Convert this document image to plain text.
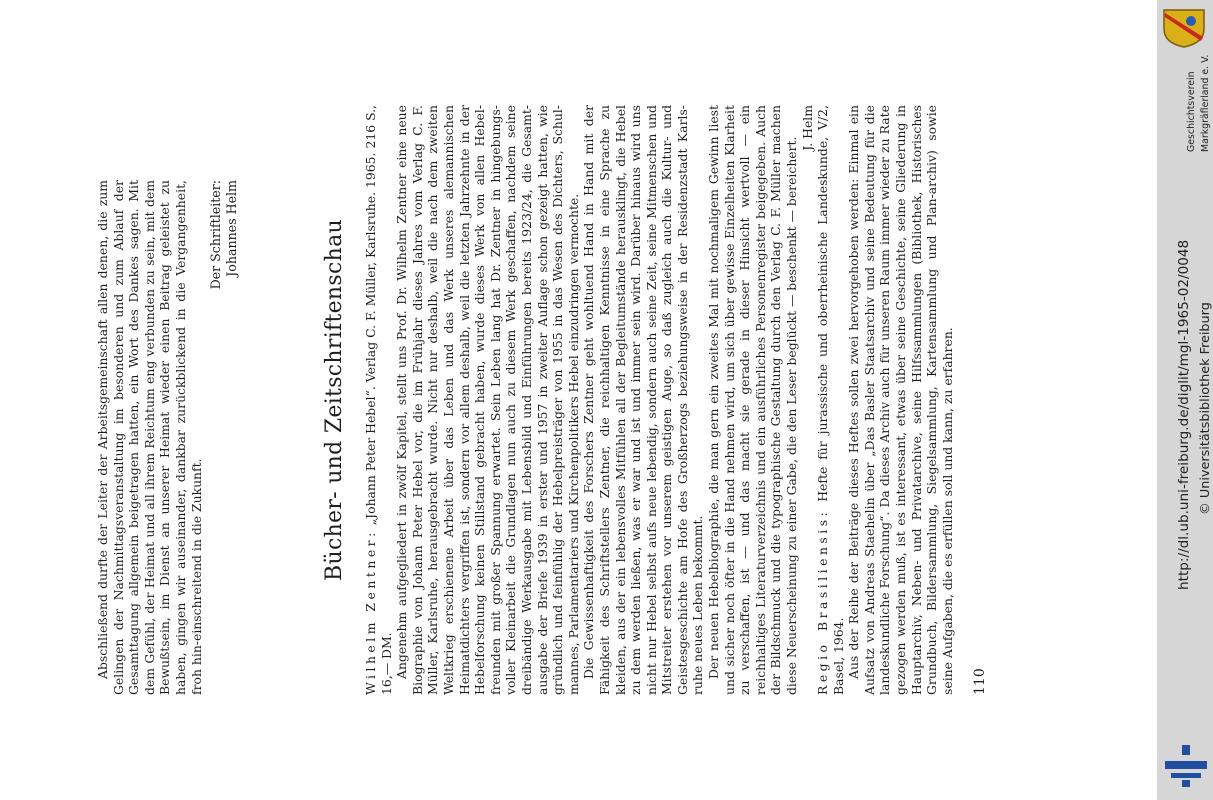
Abschließend durfte der Leiter der Arbeitsgemeinschaft allen denen, die zum Gelingen der Nachmittagsveranstaltung im besonderen und zum Ablauf der Gesamttagung allgemein beigetragen hatten, ein Wort des Dankes sagen. Mit dem Gefühl, der Heimat und all ihrem Reichtum eng verbunden zu sein, mit dem Bewußtsein, im Dienst an unserer Heimat wieder einen Beitrag geleistet zu haben, gingen wir auseinander, dankbar zurückblickend in die Vergangenheit, froh hin-einschreitend in die Zukunft.

Der Schriftleiter: Johannes Helm	Bücher- und Zeitschriftenschau

Wilhelm Zentner: „Johann Peter Hebel“. Verlag C. F. Müller, Karlsruhe. 1965. 216 S., 16,— DM. Angenehm aufgegliedert in zwölf Kapitel, stellt uns Prof. Dr. Wilhelm Zentner eine neue Biographie von Johann Peter Hebel vor, die im Frühjahr dieses Jahres vom Verlag C. F. Müller, Karlsruhe, herausgebracht wurde. Nicht nur deshalb, weil die nach dem zweiten Weltkrieg erschienene Arbeit über das Leben und das Werk unseres alemannischen Heimatdichters vergriffen ist, sondern vor allem deshalb, weil die letzten Jahrzehnte in der Hebelforschung keinen Stillstand gebracht haben, wurde dieses Werk von allen Hebel-freunden mit großer Spannung erwartet. Sein Leben lang hat Dr. Zentner in hingebungs-voller Kleinarbeit die Grundlagen nun auch zu diesem Werk geschaffen, nachdem seine dreibändige Werkausgabe mit Lebensbild und Einführungen bereits 1923/24, die Gesamt-ausgabe der Briefe 1939 in erster und 1957 in zweiter Auflage schon gezeigt hatten, wie gründlich und feinfühlig der Hebelpreisträger von 1955 in das Wesen des Dichters, Schul-mannes, Parlamentariers und Kirchenpolitikers Hebel einzudringen vermochte. Die Gewissenhaftigkeit des Forschers Zentner geht wohltuend Hand in Hand mit der Fähigkeit des Schriftstellers Zentner, die reichhaltigen Kenntnisse in eine Sprache zu kleiden, aus der ein lebensvolles Mitfühlen all der Begleitumstände herausklingt, die Hebel zu dem werden ließen, was er war und ist und immer sein wird. Darüber hinaus wird uns nicht nur Hebel selbst aufs neue lebendig, sondern auch seine Zeit, seine Mitmenschen und Mitstreiter erstehen vor unserem geistigen Auge, so daß zugleich auch die Kultur- und Geistesgeschichte am Hofe des Großherzogs beziehungsweise in der Residenzstadt Karls-ruhe neues Leben bekommt. Der neuen Hebelbiographie, die man gern ein zweites Mal mit nochmaligem Gewinn liest und sicher noch öfter in die Hand nehmen wird, um sich über gewisse Einzelheiten Klarheit zu verschaffen, ist — und das macht sie gerade in dieser Hinsicht wertvoll — ein reichhaltiges Literaturverzeichnis und ein ausführliches Personenregister beigegeben. Auch der Bildschmuck und die typographische Gestaltung durch den Verlag C. F. Müller machen diese Neuerscheinung zu einer Gabe, die den Leser beglückt — beschenkt — bereichert.

J. Helm

Regio Brasiliensis: Hefte für jurassische und oberrheinische Landeskunde, V/2, Basel, 1964. Aus der Reihe der Beiträge dieses Heftes sollen zwei hervorgehoben werden: Einmal ein Aufsatz von Andreas Staehelin über „Das Basler Staatsarchiv und seine Bedeutung für die landeskundliche Forschung“. Da dieses Archiv auch für unseren Raum immer wieder zu Rate gezogen werden muß, ist es interessant, etwas über seine Geschichte, seine Gliederung in Hauptarchiv, Neben- und Privatarchive, seine Hilfssammlungen (Bibliothek, Historisches Grundbuch, Bildersammlung, Siegelsammlung, Kartensammlung und Plan-archiv) sowie seine Aufgaben, die es erfüllen soll und kann, zu erfahren. 110
http://dl.ub.uni-freiburg.de/diglit/mgl-1965-02/0048 © Universitätsbibliothek Freiburg
Geschichtsverein Markgräflerland e. V.
